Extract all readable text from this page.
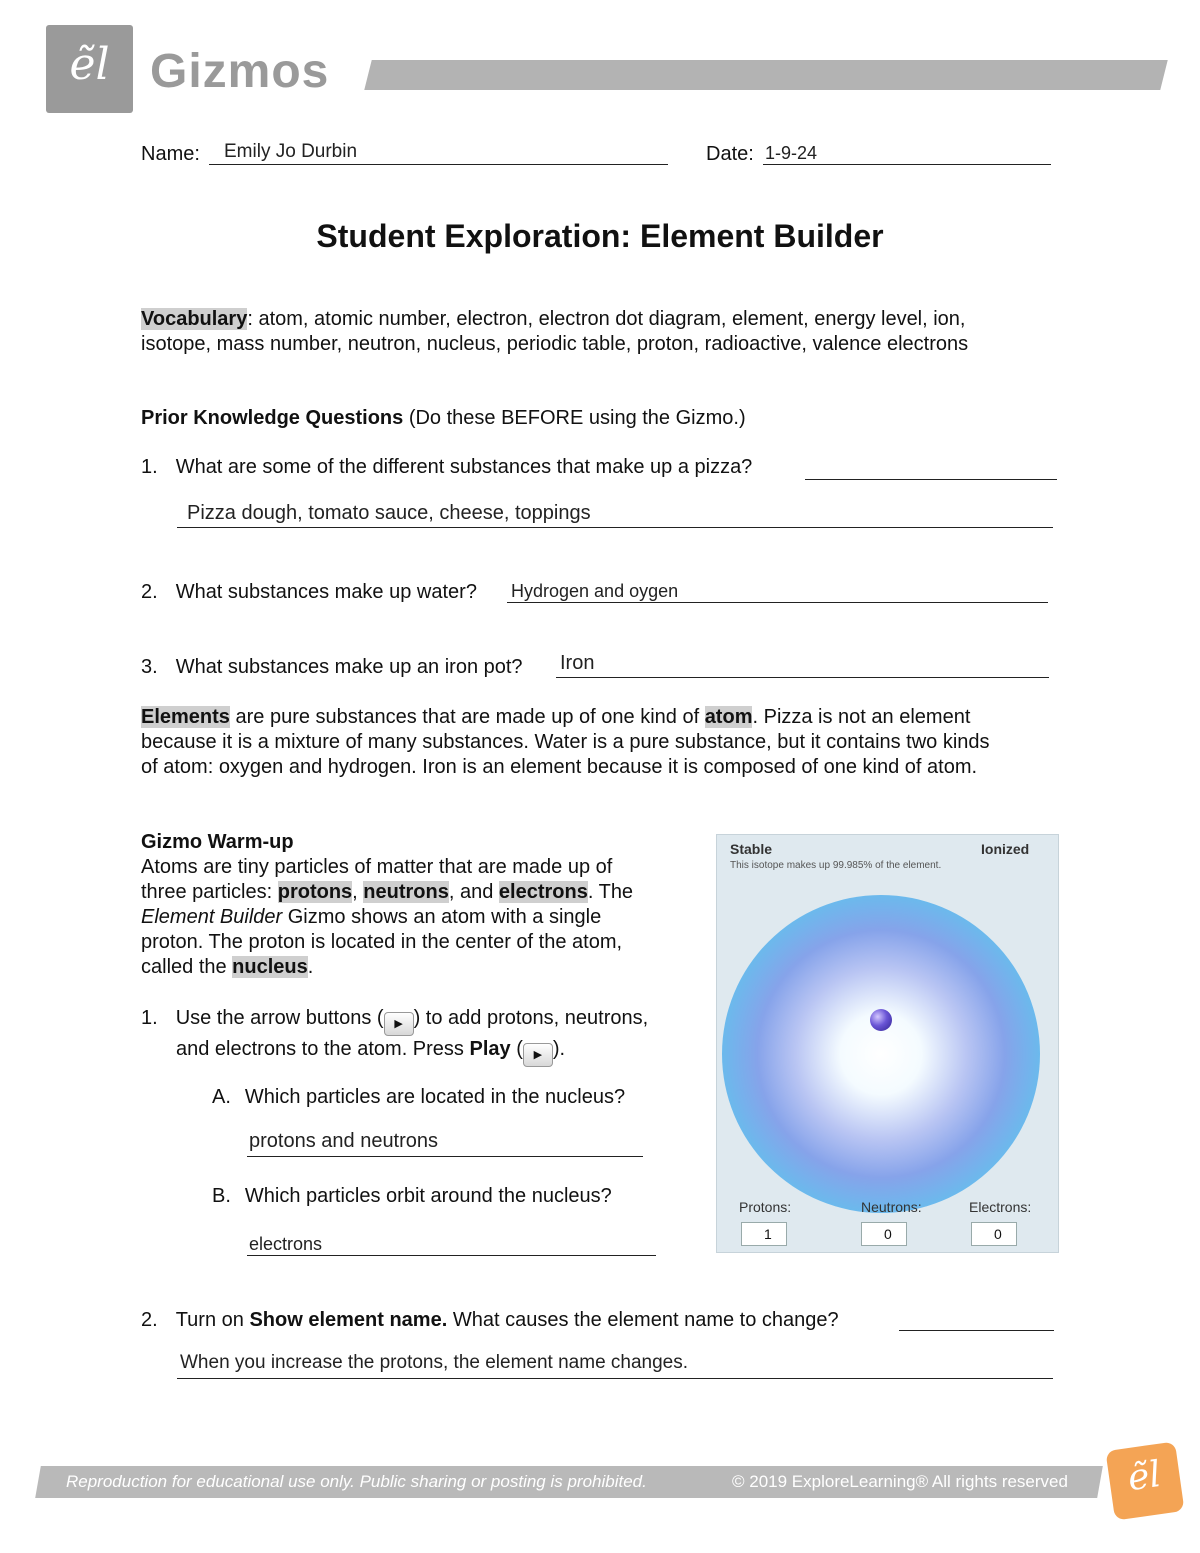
ẽl Gizmos
Name: Emily Jo Durbin	Date: 1-9-24
Student Exploration: Element Builder
Vocabulary: atom, atomic number, electron, electron dot diagram, element, energy level, ion,
isotope, mass number, neutron, nucleus, periodic table, proton, radioactive, valence electrons
Prior Knowledge Questions (Do these BEFORE using the Gizmo.)
1. What are some of the different substances that make up a pizza?
Pizza dough, tomato sauce, cheese, toppings
2. What substances make up water? Hydrogen and oygen
3. What substances make up an iron pot? Iron
Elements are pure substances that are made up of one kind of atom. Pizza is not an element
because it is a mixture of many substances. Water is a pure substance, but it contains two kinds
of atom: oxygen and hydrogen. Iron is an element because it is composed of one kind of atom.
Gizmo Warm-up
Atoms are tiny particles of matter that are made up of
three particles: protons, neutrons, and electrons. The
Element Builder Gizmo shows an atom with a single
proton. The proton is located in the center of the atom,
called the nucleus.
1. Use the arrow buttons ( ▶ ) to add protons, neutrons,
and electrons to the atom. Press Play ( ▶ ).
A. Which particles are located in the nucleus?
protons and neutrons
B. Which particles orbit around the nucleus?
electrons
Stable	Ionized
This isotope makes up 99.985% of the element.
Protons:	Neutrons:	Electrons:
1	0	0
2. Turn on Show element name. What causes the element name to change?
When you increase the protons, the element name changes.
Reproduction for educational use only. Public sharing or posting is prohibited.	© 2019 ExploreLearning® All rights reserved	ẽl
